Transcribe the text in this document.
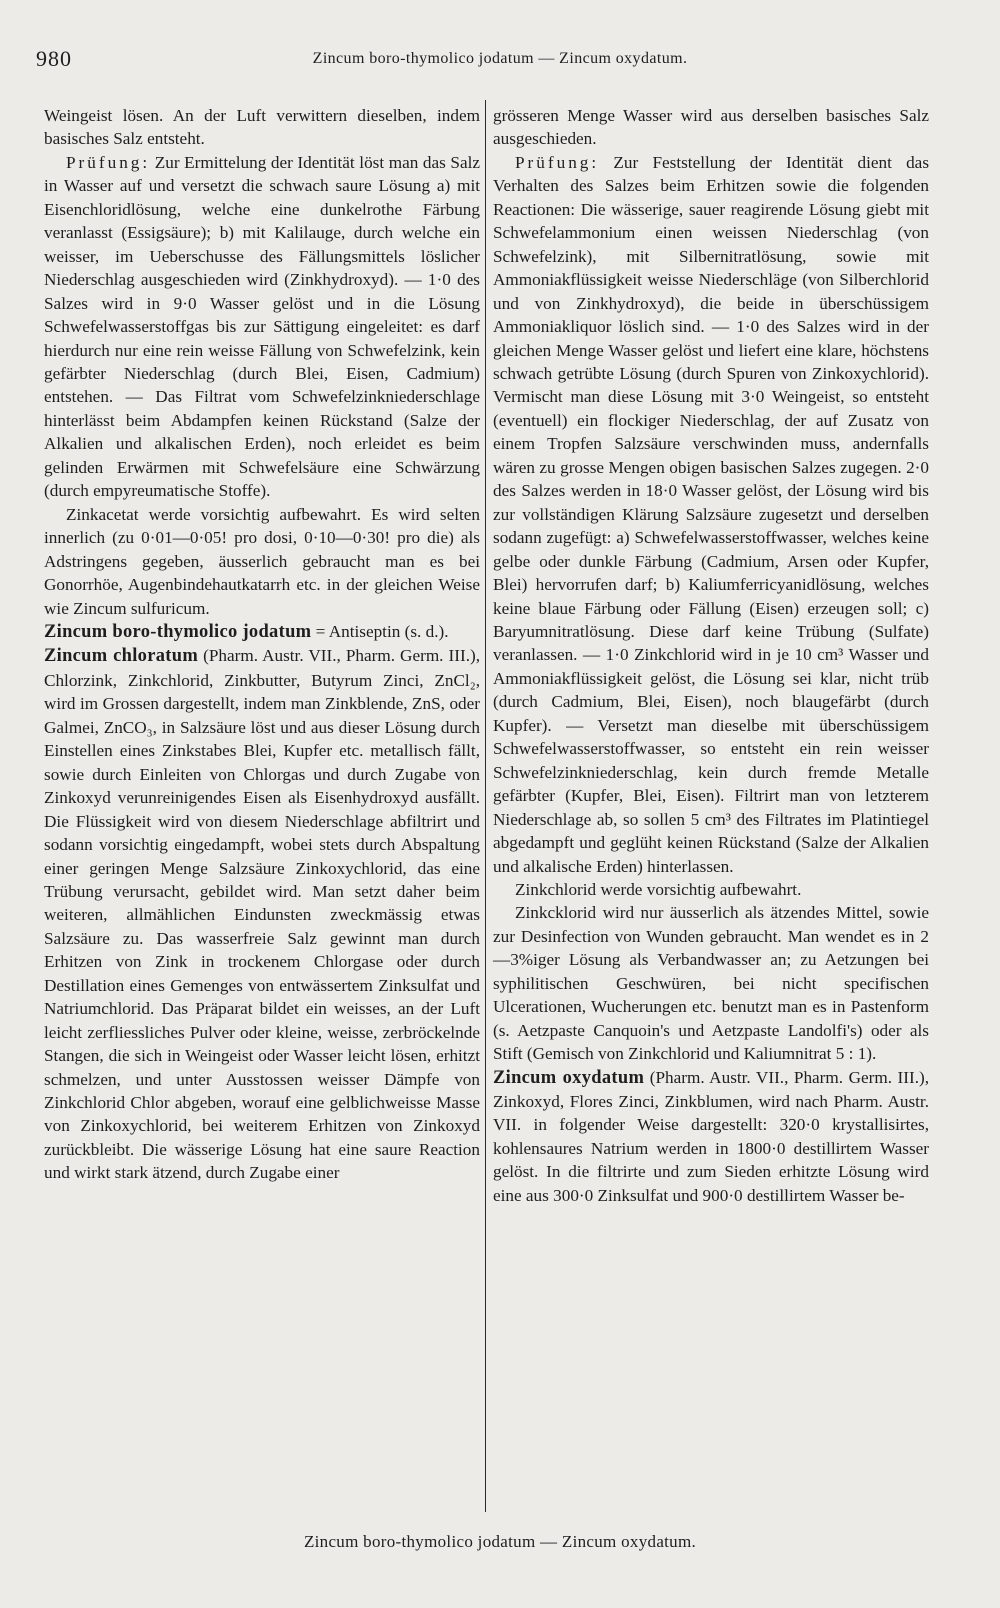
980	Zincum boro-thymolico jodatum — Zincum oxydatum.

Weingeist lösen. An der Luft verwittern dieselben, indem basisches Salz entsteht.

Prüfung: Zur Ermittelung der Identität löst man das Salz in Wasser auf und versetzt die schwach saure Lösung a) mit Eisenchloridlösung, welche eine dunkelrothe Färbung veranlasst (Essigsäure); b) mit Kalilauge, durch welche ein weisser, im Ueberschusse des Fällungsmittels löslicher Niederschlag ausgeschieden wird (Zinkhydroxyd). — 1·0 des Salzes wird in 9·0 Wasser gelöst und in die Lösung Schwefelwasserstoffgas bis zur Sättigung eingeleitet: es darf hierdurch nur eine rein weisse Fällung von Schwefelzink, kein gefärbter Niederschlag (durch Blei, Eisen, Cadmium) entstehen. — Das Filtrat vom Schwefelzinkniederschlage hinterlässt beim Abdampfen keinen Rückstand (Salze der Alkalien und alkalischen Erden), noch erleidet es beim gelinden Erwärmen mit Schwefelsäure eine Schwärzung (durch empyreumatische Stoffe).

Zinkacetat werde vorsichtig aufbewahrt. Es wird selten innerlich (zu 0·01—0·05! pro dosi, 0·10—0·30! pro die) als Adstringens gegeben, äusserlich gebraucht man es bei Gonorrhöe, Augenbindehautkatarrh etc. in der gleichen Weise wie Zincum sulfuricum.

Zincum boro-thymolico jodatum = Antiseptin (s. d.).

Zincum chloratum (Pharm. Austr. VII., Pharm. Germ. III.), Chlorzink, Zinkchlorid, Zinkbutter, Butyrum Zinci, ZnCl₂, wird im Grossen dargestellt, indem man Zinkblende, ZnS, oder Galmei, ZnCO₃, in Salzsäure löst und aus dieser Lösung durch Einstellen eines Zinkstabes Blei, Kupfer etc. metallisch fällt, sowie durch Einleiten von Chlorgas und durch Zugabe von Zinkoxyd verunreinigendes Eisen als Eisenhydroxyd ausfällt. Die Flüssigkeit wird von diesem Niederschlage abfiltrirt und sodann vorsichtig eingedampft, wobei stets durch Abspaltung einer geringen Menge Salzsäure Zinkoxychlorid, das eine Trübung verursacht, gebildet wird. Man setzt daher beim weiteren, allmählichen Eindunsten zweckmässig etwas Salzsäure zu. Das wasserfreie Salz gewinnt man durch Erhitzen von Zink in trockenem Chlorgase oder durch Destillation eines Gemenges von entwässertem Zinksulfat und Natriumchlorid. Das Präparat bildet ein weisses, an der Luft leicht zerfliessliches Pulver oder kleine, weisse, zerbröckelnde Stangen, die sich in Weingeist oder Wasser leicht lösen, erhitzt schmelzen, und unter Ausstossen weisser Dämpfe von Zinkchlorid Chlor abgeben, worauf eine gelblichweisse Masse von Zinkoxychlorid, bei weiterem Erhitzen von Zinkoxyd zurückbleibt. Die wässerige Lösung hat eine saure Reaction und wirkt stark ätzend, durch Zugabe einer

grösseren Menge Wasser wird aus derselben basisches Salz ausgeschieden.

Prüfung: Zur Feststellung der Identität dient das Verhalten des Salzes beim Erhitzen sowie die folgenden Reactionen: Die wässerige, sauer reagirende Lösung giebt mit Schwefelammonium einen weissen Niederschlag (von Schwefelzink), mit Silbernitratlösung, sowie mit Ammoniakflüssigkeit weisse Niederschläge (von Silberchlorid und von Zinkhydroxyd), die beide in überschüssigem Ammoniakliquor löslich sind. — 1·0 des Salzes wird in der gleichen Menge Wasser gelöst und liefert eine klare, höchstens schwach getrübte Lösung (durch Spuren von Zinkoxychlorid). Vermischt man diese Lösung mit 3·0 Weingeist, so entsteht (eventuell) ein flockiger Niederschlag, der auf Zusatz von einem Tropfen Salzsäure verschwinden muss, andernfalls wären zu grosse Mengen obigen basischen Salzes zugegen. 2·0 des Salzes werden in 18·0 Wasser gelöst, der Lösung wird bis zur vollständigen Klärung Salzsäure zugesetzt und derselben sodann zugefügt: a) Schwefelwasserstoffwasser, welches keine gelbe oder dunkle Färbung (Cadmium, Arsen oder Kupfer, Blei) hervorrufen darf; b) Kaliumferricyanidlösung, welches keine blaue Färbung oder Fällung (Eisen) erzeugen soll; c) Baryumnitratlösung. Diese darf keine Trübung (Sulfate) veranlassen. — 1·0 Zinkchlorid wird in je 10 cm³ Wasser und Ammoniakflüssigkeit gelöst, die Lösung sei klar, nicht trüb (durch Cadmium, Blei, Eisen), noch blaugefärbt (durch Kupfer). — Versetzt man dieselbe mit überschüssigem Schwefelwasserstoffwasser, so entsteht ein rein weisser Schwefelzinkniederschlag, kein durch fremde Metalle gefärbter (Kupfer, Blei, Eisen). Filtrirt man von letzterem Niederschlage ab, so sollen 5 cm³ des Filtrates im Platintiegel abgedampft und geglüht keinen Rückstand (Salze der Alkalien und alkalische Erden) hinterlassen.

Zinkchlorid werde vorsichtig aufbewahrt.

Zinkcklorid wird nur äusserlich als ätzendes Mittel, sowie zur Desinfection von Wunden gebraucht. Man wendet es in 2—3%iger Lösung als Verbandwasser an; zu Aetzungen bei syphilitischen Geschwüren, bei nicht specifischen Ulcerationen, Wucherungen etc. benutzt man es in Pastenform (s. Aetzpaste Canquoin's und Aetzpaste Landolfi's) oder als Stift (Gemisch von Zinkchlorid und Kaliumnitrat 5 : 1).

Zincum oxydatum (Pharm. Austr. VII., Pharm. Germ. III.), Zinkoxyd, Flores Zinci, Zinkblumen, wird nach Pharm. Austr. VII. in folgender Weise dargestellt: 320·0 krystallisirtes, kohlensaures Natrium werden in 1800·0 destillirtem Wasser gelöst. In die filtrirte und zum Sieden erhitzte Lösung wird eine aus 300·0 Zinksulfat und 900·0 destillirtem Wasser be-

Zincum boro-thymolico jodatum — Zincum oxydatum.
